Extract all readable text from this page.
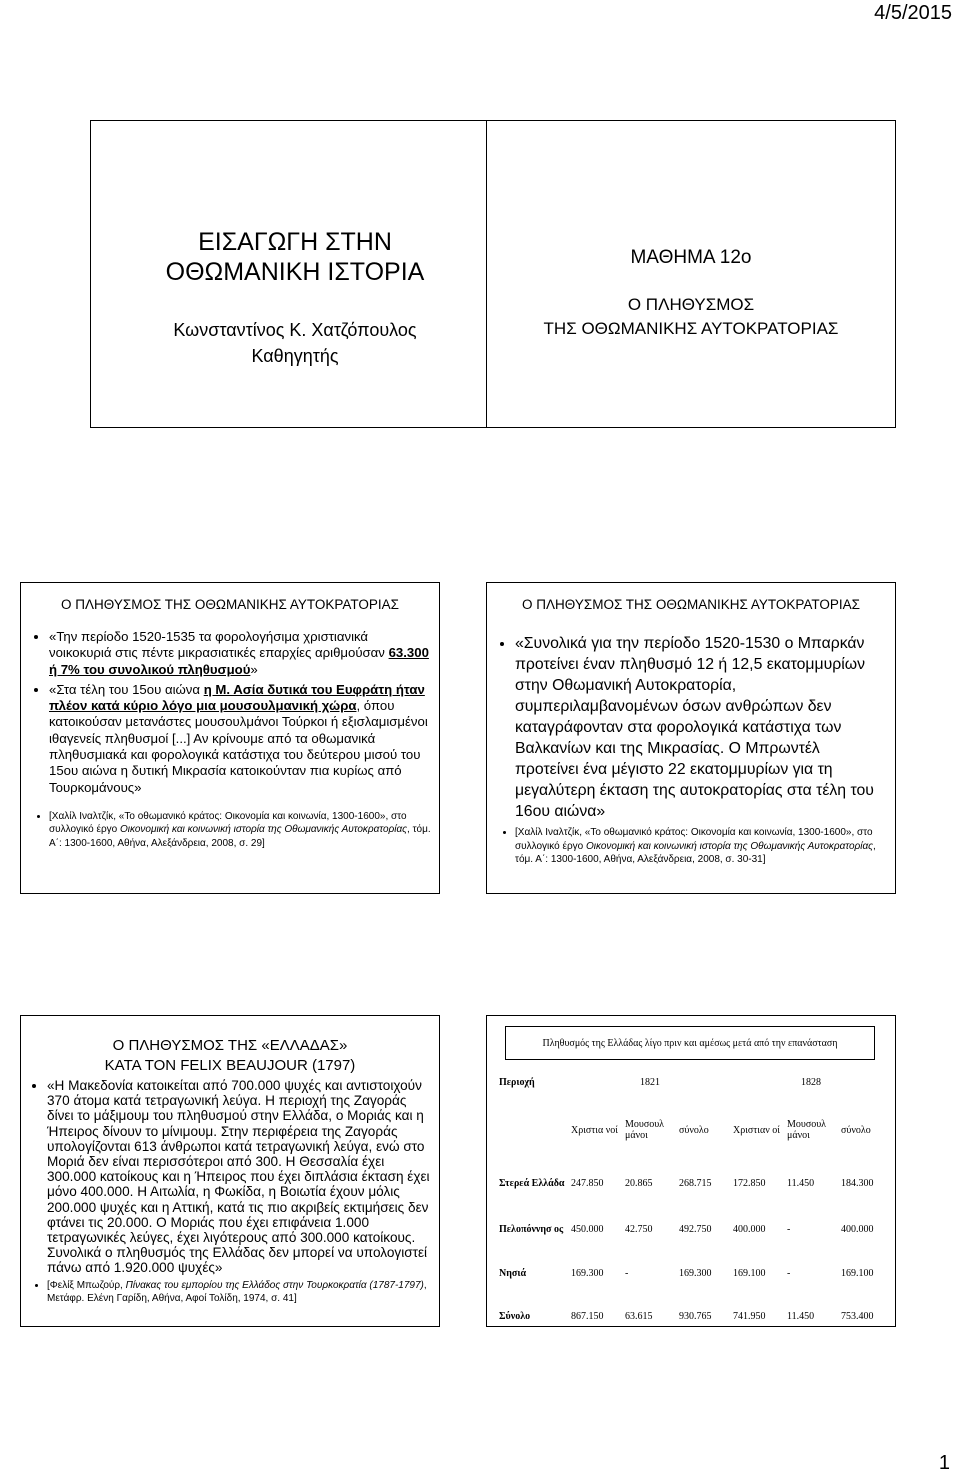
4/5/2015
ΕΙΣΑΓΩΓΗ ΣΤΗΝ
ΟΘΩΜΑΝΙΚΗ ΙΣΤΟΡΙΑ
Κωνσταντίνος Κ. Χατζόπουλος
Καθηγητής
ΜΑΘΗΜΑ 12ο
Ο ΠΛΗΘΥΣΜΟΣ
ΤΗΣ ΟΘΩΜΑΝΙΚΗΣ ΑΥΤΟΚΡΑΤΟΡΙΑΣ
Ο ΠΛΗΘΥΣΜΟΣ ΤΗΣ ΟΘΩΜΑΝΙΚΗΣ ΑΥΤΟΚΡΑΤΟΡΙΑΣ
• «Την περίοδο 1520-1535 τα φορολογήσιμα χριστιανικά νοικοκυριά στις πέντε μικρασιατικές επαρχίες αριθμούσαν 63.300 ή 7% του συνολικού πληθυσμού»
• «Στα τέλη του 15ου αιώνα η Μ. Ασία δυτικά του Ευφράτη ήταν πλέον κατά κύριο λόγο μια μουσουλμανική χώρα, όπου κατοικούσαν μετανάστες μουσουλμάνοι Τούρκοι ή εξισλαμισμένοι ιθαγενείς πληθυσμοί [...] Αν κρίνουμε από τα οθωμανικά πληθυσμιακά και φορολογικά κατάστιχα του δεύτερου μισού του 15ου αιώνα η δυτική Μικρασία κατοικούνταν πια κυρίως από Τουρκομάνους»
• [Χαλίλ Ιναλτζίκ, «Το οθωμανικό κράτος: Οικονομία και κοινωνία, 1300-1600», στο συλλογικό έργο Οικονομική και κοινωνική ιστορία της Οθωμανικής Αυτοκρατορίας, τόμ. Α΄: 1300-1600, Αθήνα, Αλεξάνδρεια, 2008, σ. 29]
Ο ΠΛΗΘΥΣΜΟΣ ΤΗΣ ΟΘΩΜΑΝΙΚΗΣ ΑΥΤΟΚΡΑΤΟΡΙΑΣ
• «Συνολικά για την περίοδο 1520-1530 ο Μπαρκάν προτείνει έναν πληθυσμό 12 ή 12,5 εκατομμυρίων στην Οθωμανική Αυτοκρατορία, συμπεριλαμβανομένων όσων ανθρώπων δεν καταγράφονταν στα φορολογικά κατάστιχα των Βαλκανίων και της Μικρασίας. Ο Μπρωντέλ προτείνει ένα μέγιστο 22 εκατομμυρίων για τη μεγαλύτερη έκταση της αυτοκρατορίας στα τέλη του 16ου αιώνα»
• [Χαλίλ Ιναλτζίκ, «Το οθωμανικό κράτος: Οικονομία και κοινωνία, 1300-1600», στο συλλογικό έργο Οικονομική και κοινωνική ιστορία της Οθωμανικής Αυτοκρατορίας, τόμ. Α΄: 1300-1600, Αθήνα, Αλεξάνδρεια, 2008, σ. 30-31]
Ο ΠΛΗΘΥΣΜΟΣ ΤΗΣ «ΕΛΛΑΔΑΣ»
ΚΑΤΑ ΤΟΝ FELIX BEAUJOUR (1797)
• «Η Μακεδονία κατοικείται από 700.000 ψυχές και αντιστοιχούν 370 άτομα κατά τετραγωνική λεύγα. Η περιοχή της Ζαγοράς δίνει το μάξιμουμ του πληθυσμού στην Ελλάδα, ο Μοριάς και η Ήπειρος δίνουν το μίνιμουμ. Στην περιφέρεια της Ζαγοράς υπολογίζονται 613 άνθρωποι κατά τετραγωνική λεύγα, ενώ στο Μοριά δεν είναι περισσότεροι από 300. Η Θεσσαλία έχει 300.000 κατοίκους και η Ήπειρος που έχει διπλάσια έκταση έχει μόνο 400.000. Η Αιτωλία, η Φωκίδα, η Βοιωτία έχουν μόλις 200.000 ψυχές και η Αττική, κατά τις πιο ακριβείς εκτιμήσεις δεν φτάνει τις 20.000. Ο Μοριάς που έχει επιφάνεια 1.000 τετραγωνικές λεύγες, έχει λιγότερους από 300.000 κατοίκους. Συνολικά ο πληθυσμός της Ελλάδας δεν μπορεί να υπολογιστεί πάνω από 1.920.000 ψυχές»
• [Φελίξ Μπωζούρ, Πίνακας του εμπορίου της Ελλάδος στην Τουρκοκρατία (1787-1797), Μετάφρ. Ελένη Γαρίδη, Αθήνα, Αφοί Τολίδη, 1974, σ. 41]
Πληθυσμός της Ελλάδας λίγο πριν και αμέσως μετά από την επανάσταση
Περιοχή	1821			1828		
	Χριστια νοί	Μουσουλ μάνοι	σύνολο	Χριστιαν οί	Μουσουλ μάνοι	σύνολο
Στερεά Ελλάδα	247.850	20.865	268.715	172.850	11.450	184.300
Πελοπόννησ ος	450.000	42.750	492.750	400.000	-	400.000
Νησιά	169.300	-	169.300	169.100	-	169.100
Σύνολο	867.150	63.615	930.765	741.950	11.450	753.400
1
